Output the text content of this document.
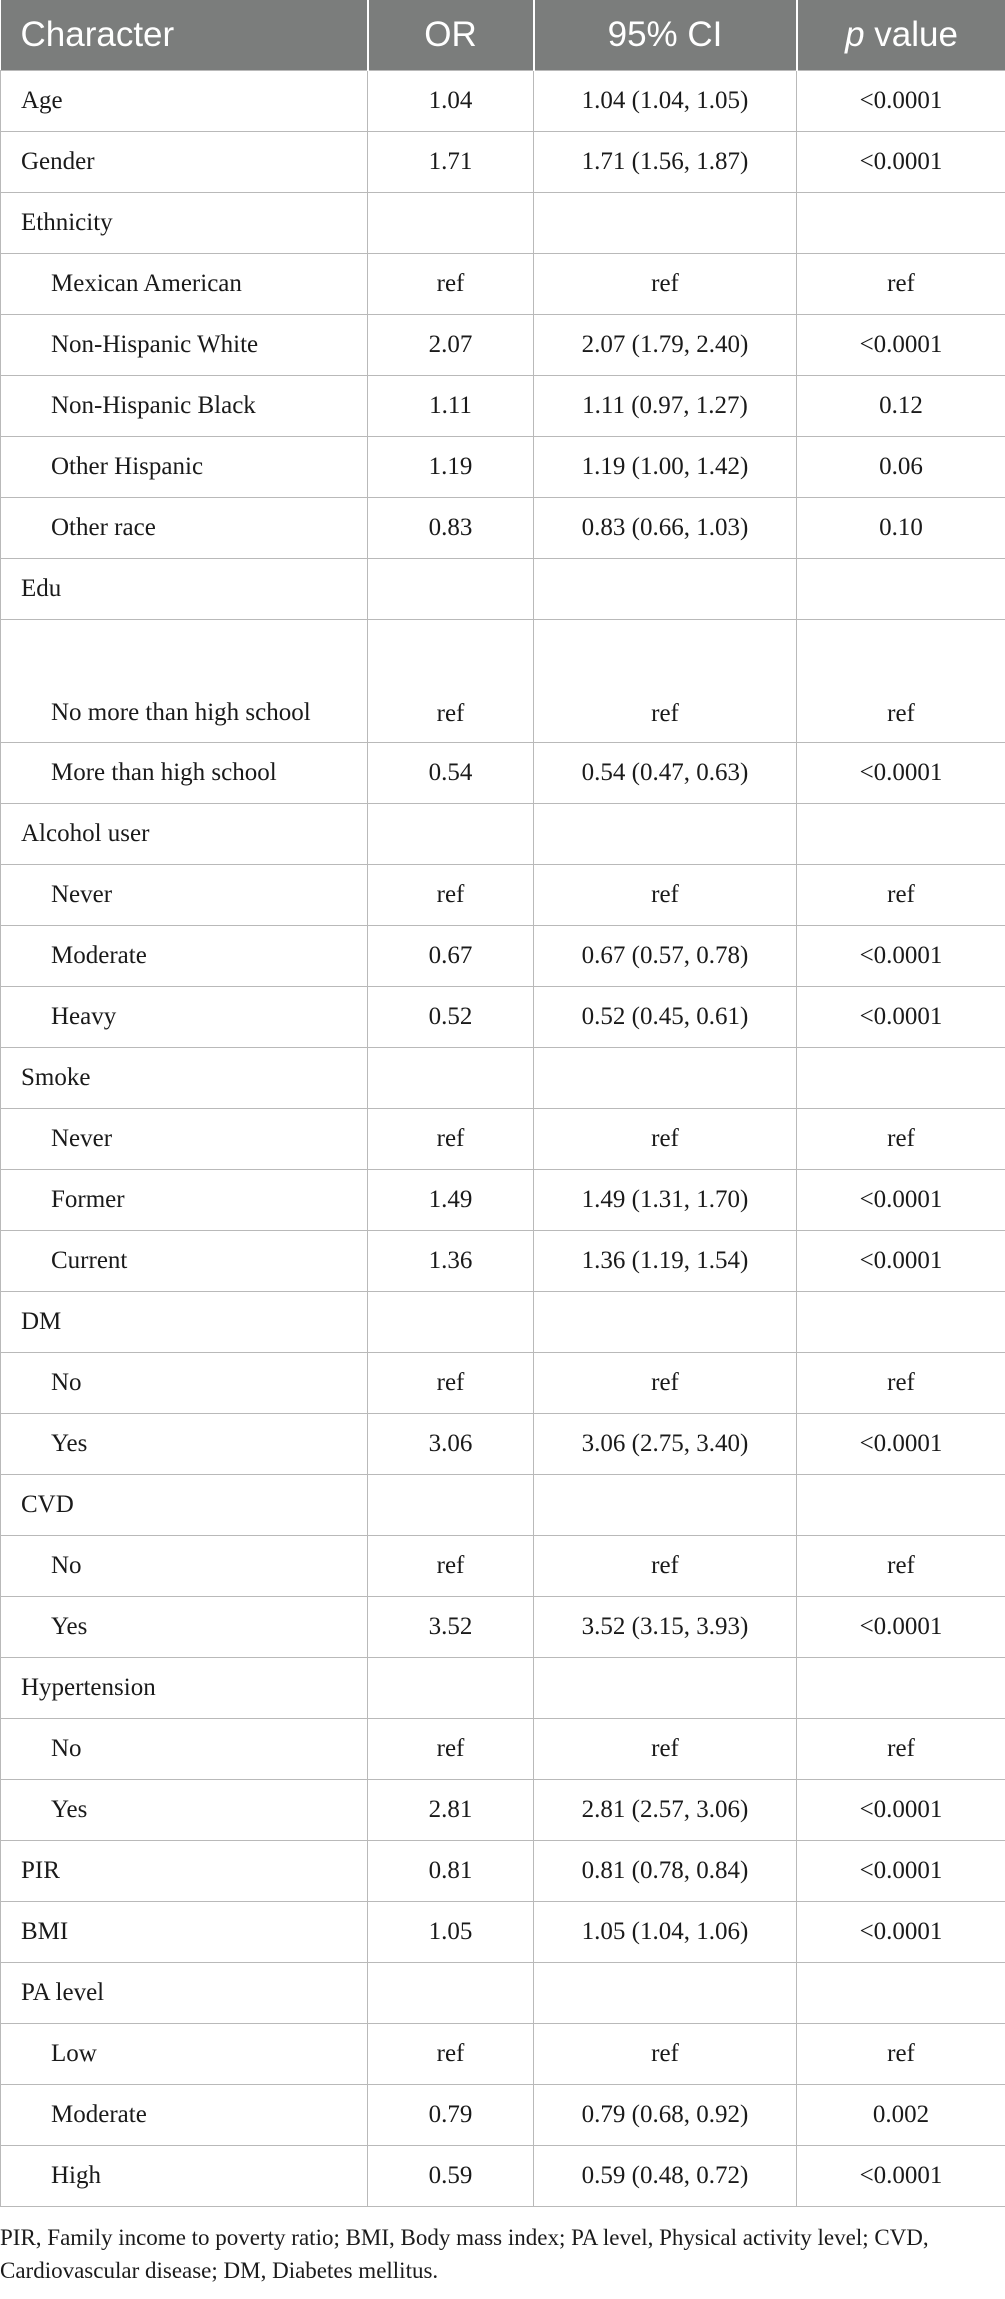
Character	OR	95% CI	p value
Age	1.04	1.04 (1.04, 1.05)	<0.0001
Gender	1.71	1.71 (1.56, 1.87)	<0.0001
Ethnicity			
Mexican American	ref	ref	ref
Non-Hispanic White	2.07	2.07 (1.79, 2.40)	<0.0001
Non-Hispanic Black	1.11	1.11 (0.97, 1.27)	0.12
Other Hispanic	1.19	1.19 (1.00, 1.42)	0.06
Other race	0.83	0.83 (0.66, 1.03)	0.10
Edu			
No more than high school	ref	ref	ref
More than high school	0.54	0.54 (0.47, 0.63)	<0.0001
Alcohol user			
Never	ref	ref	ref
Moderate	0.67	0.67 (0.57, 0.78)	<0.0001
Heavy	0.52	0.52 (0.45, 0.61)	<0.0001
Smoke			
Never	ref	ref	ref
Former	1.49	1.49 (1.31, 1.70)	<0.0001
Current	1.36	1.36 (1.19, 1.54)	<0.0001
DM			
No	ref	ref	ref
Yes	3.06	3.06 (2.75, 3.40)	<0.0001
CVD			
No	ref	ref	ref
Yes	3.52	3.52 (3.15, 3.93)	<0.0001
Hypertension			
No	ref	ref	ref
Yes	2.81	2.81 (2.57, 3.06)	<0.0001
PIR	0.81	0.81 (0.78, 0.84)	<0.0001
BMI	1.05	1.05 (1.04, 1.06)	<0.0001
PA level			
Low	ref	ref	ref
Moderate	0.79	0.79 (0.68, 0.92)	0.002
High	0.59	0.59 (0.48, 0.72)	<0.0001

PIR, Family income to poverty ratio; BMI, Body mass index; PA level, Physical activity level; CVD, Cardiovascular disease; DM, Diabetes mellitus.
